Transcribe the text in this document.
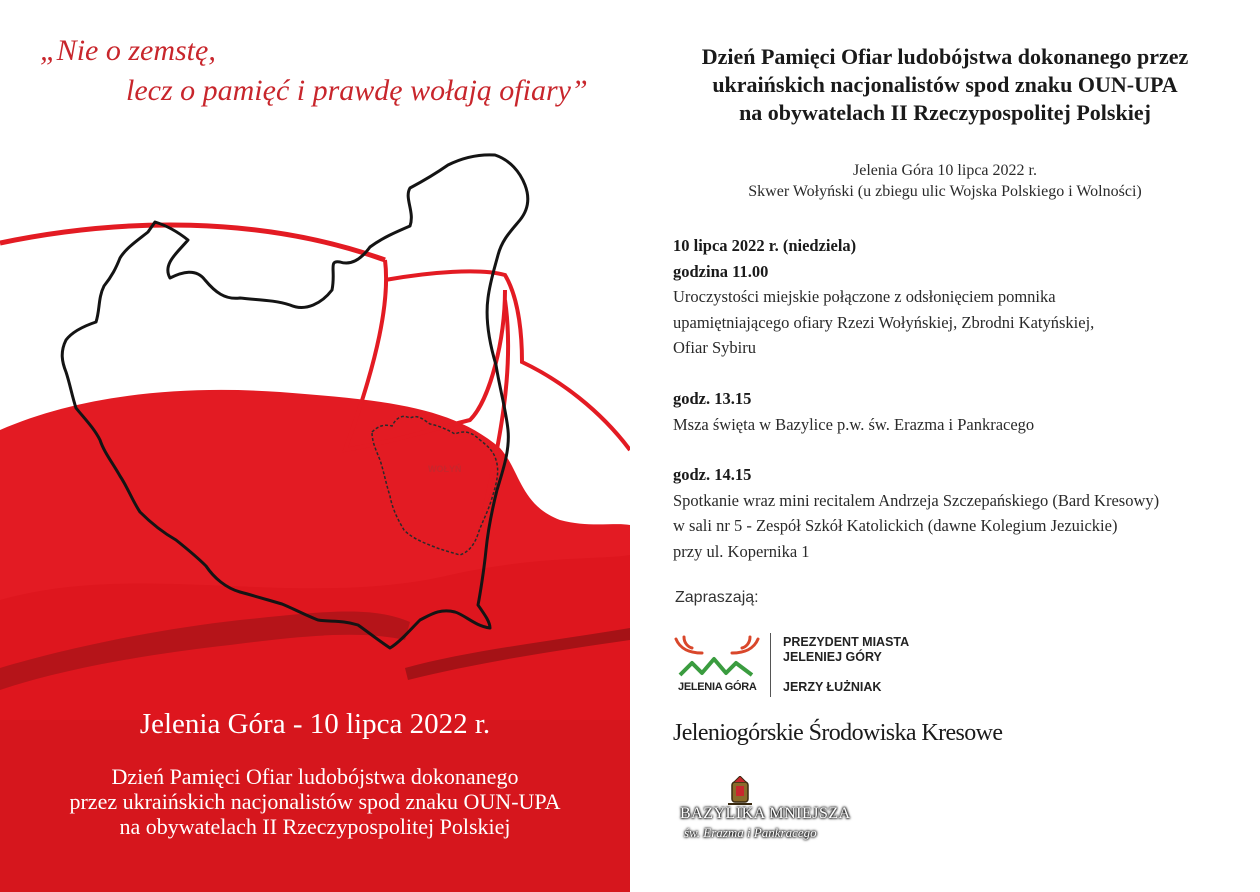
WOŁYŃ
„Nie o zemstę,
lecz o pamięć i prawdę wołają ofiary”
Jelenia Góra - 10 lipca 2022 r.
Dzień Pamięci Ofiar ludobójstwa dokonanego
przez ukraińskich nacjonalistów spod znaku OUN-UPA
na obywatelach II Rzeczypospolitej Polskiej
Dzień Pamięci Ofiar ludobójstwa dokonanego przez
ukraińskich nacjonalistów spod znaku OUN-UPA
na obywatelach II Rzeczypospolitej Polskiej
Jelenia Góra 10 lipca 2022 r.
Skwer Wołyński (u zbiegu ulic Wojska Polskiego i Wolności)
10 lipca 2022 r. (niedziela)
godzina 11.00
Uroczystości miejskie połączone z odsłonięciem pomnika
upamiętniającego ofiary Rzezi Wołyńskiej, Zbrodni Katyńskiej,
Ofiar Sybiru
godz. 13.15
Msza święta w Bazylice p.w. św. Erazma i Pankracego
godz. 14.15
Spotkanie wraz mini recitalem Andrzeja Szczepańskiego (Bard Kresowy)
w sali nr 5 - Zespół Szkół Katolickich (dawne Kolegium Jezuickie)
przy ul. Kopernika 1
Zapraszają:
JELENIA GÓRA
PREZYDENT MIASTA
JELENIEJ GÓRY
JERZY ŁUŻNIAK
Jeleniogórskie Środowiska Kresowe
BAZYLIKA MNIEJSZA
św. Erazma i Pankracego
